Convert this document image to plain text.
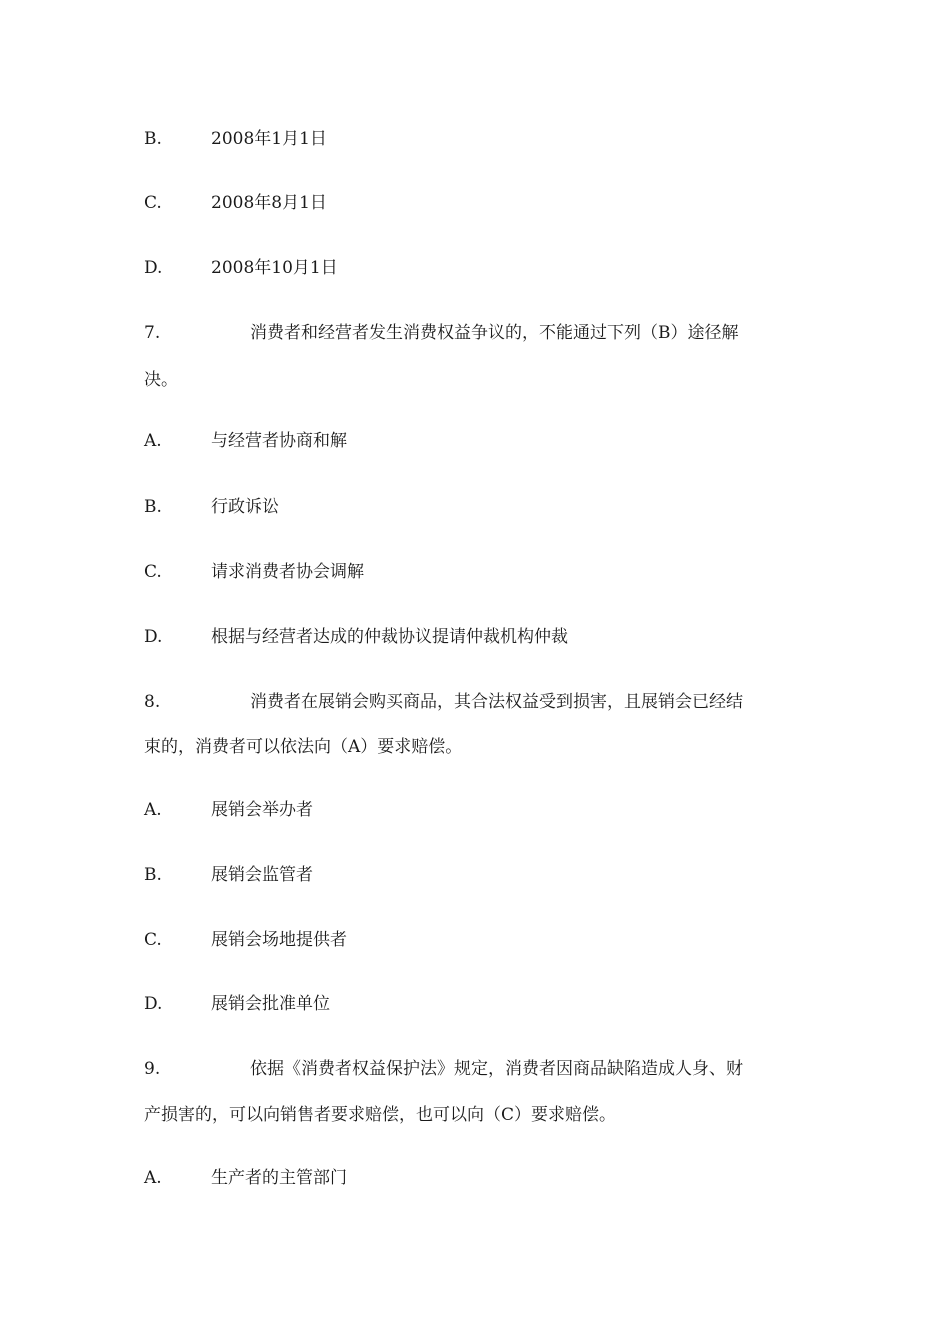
B.	2008年1月1日
C.	2008年8月1日
D.	2008年10月1日
7.	消费者和经营者发生消费权益争议的，不能通过下列（B）途径解
决。
A.	与经营者协商和解
B.	行政诉讼
C.	请求消费者协会调解
D.	根据与经营者达成的仲裁协议提请仲裁机构仲裁
8.	消费者在展销会购买商品，其合法权益受到损害，且展销会已经结
束的，消费者可以依法向（A）要求赔偿。
A.	展销会举办者
B.	展销会监管者
C.	展销会场地提供者
D.	展销会批准单位
9.	依据《消费者权益保护法》规定，消费者因商品缺陷造成人身、财
产损害的，可以向销售者要求赔偿，也可以向（C）要求赔偿。
A.	生产者的主管部门
